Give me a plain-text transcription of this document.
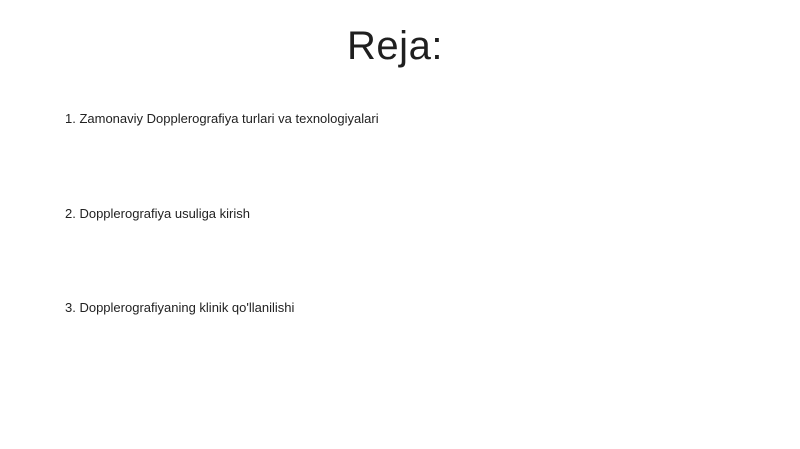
Reja:
1. Zamonaviy Dopplerografiya turlari va texnologiyalari
2. Dopplerografiya usuliga kirish
3. Dopplerografiyaning klinik qo'llanilishi
